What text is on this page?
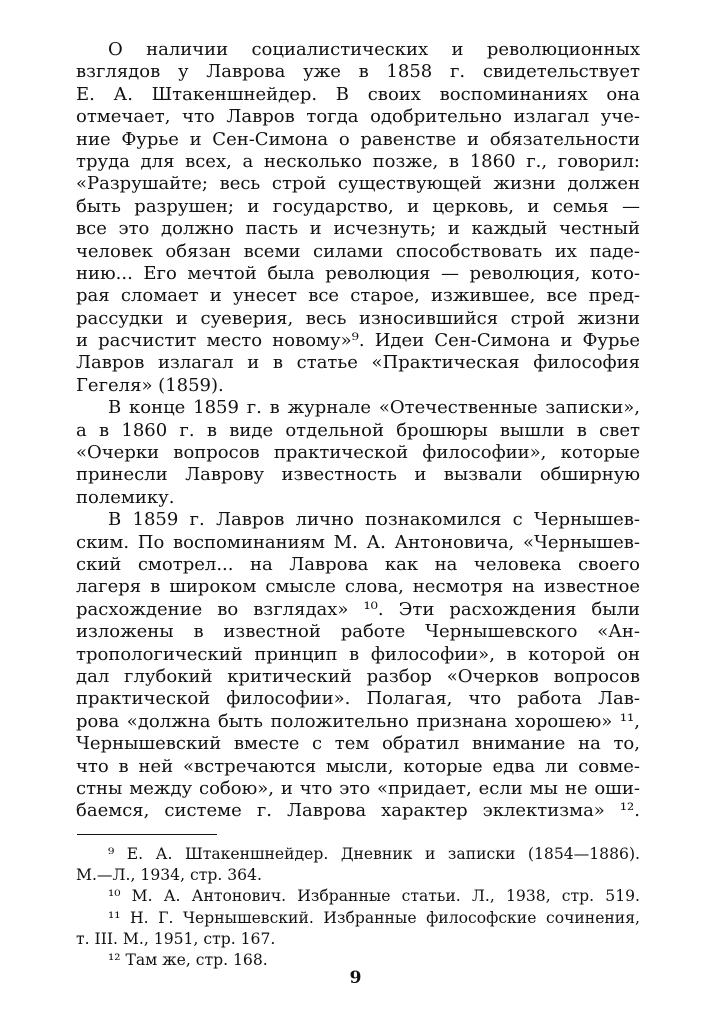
О наличии социалистических и революционных
взглядов у Лаврова уже в 1858 г. свидетельствует
Е. А. Штакеншнейдер. В своих воспоминаниях она
отмечает, что Лавров тогда одобрительно излагал уче-
ние Фурье и Сен-Симона о равенстве и обязательности
труда для всех, а несколько позже, в 1860 г., говорил:
«Разрушайте; весь строй существующей жизни должен
быть разрушен; и государство, и церковь, и семья —
все это должно пасть и исчезнуть; и каждый честный
человек обязан всеми силами способствовать их паде-
нию... Его мечтой была революция — революция, кото-
рая сломает и унесет все старое, изжившее, все пред-
рассудки и суеверия, весь износившийся строй жизни
и расчистит место новому»⁹. Идеи Сен-Симона и Фурье
Лавров излагал и в статье «Практическая философия
Гегеля» (1859).
В конце 1859 г. в журнале «Отечественные записки»,
а в 1860 г. в виде отдельной брошюры вышли в свет
«Очерки вопросов практической философии», которые
принесли Лаврову известность и вызвали обширную
полемику.
В 1859 г. Лавров лично познакомился с Чернышев-
ским. По воспоминаниям М. А. Антоновича, «Чернышев-
ский смотрел... на Лаврова как на человека своего
лагеря в широком смысле слова, несмотря на известное
расхождение во взглядах» ¹⁰. Эти расхождения были
изложены в известной работе Чернышевского «Ан-
тропологический принцип в философии», в которой он
дал глубокий критический разбор «Очерков вопросов
практической философии». Полагая, что работа Лав-
рова «должна быть положительно признана хорошею» ¹¹,
Чернышевский вместе с тем обратил внимание на то,
что в ней «встречаются мысли, которые едва ли совме-
стны между собою», и что это «придает, если мы не оши-
баемся, системе г. Лаврова характер эклектизма» ¹².
⁹ Е. А. Штакеншнейдер. Дневник и записки (1854—1886).
М.—Л., 1934, стр. 364.
¹⁰ М. А. Антонович. Избранные статьи. Л., 1938, стр. 519.
¹¹ Н. Г. Чернышевский. Избранные философские сочинения,
т. III. М., 1951, стр. 167.
¹² Там же, стр. 168.
9
